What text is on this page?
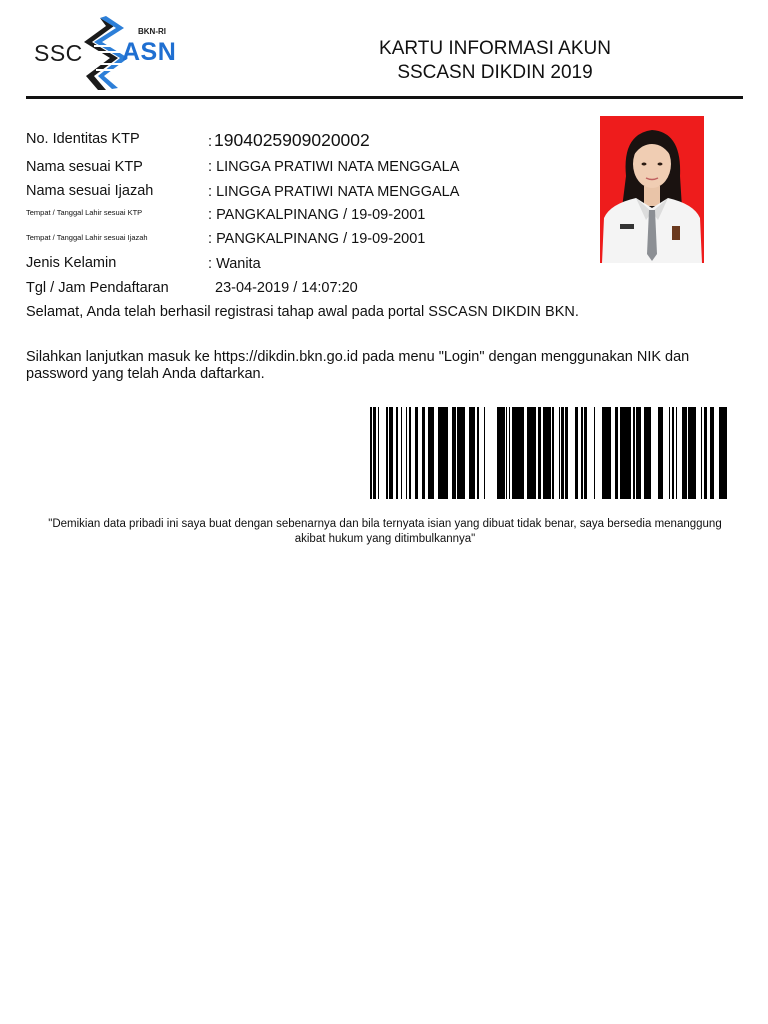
SSC
BKN-RI
ASN	KARTU INFORMASI AKUN
SSCASN DIKDIN 2019
No. Identitas KTP	: 1904025909020002
Nama sesuai KTP	: LINGGA PRATIWI NATA MENGGALA
Nama sesuai Ijazah	: LINGGA PRATIWI NATA MENGGALA
Tempat / Tanggal Lahir sesuai KTP	: PANGKALPINANG / 19-09-2001
Tempat / Tanggal Lahir sesuai Ijazah	: PANGKALPINANG / 19-09-2001
Jenis Kelamin	: Wanita
Tgl / Jam Pendaftaran	23-04-2019 / 14:07:20
Selamat, Anda telah berhasil registrasi tahap awal pada portal SSCASN DIKDIN BKN.
Silahkan lanjutkan masuk ke https://dikdin.bkn.go.id pada menu "Login" dengan menggunakan NIK dan password yang telah Anda daftarkan.
"Demikian data pribadi ini saya buat dengan sebenarnya dan bila ternyata isian yang dibuat tidak benar, saya bersedia menanggung akibat hukum yang ditimbulkannya"
